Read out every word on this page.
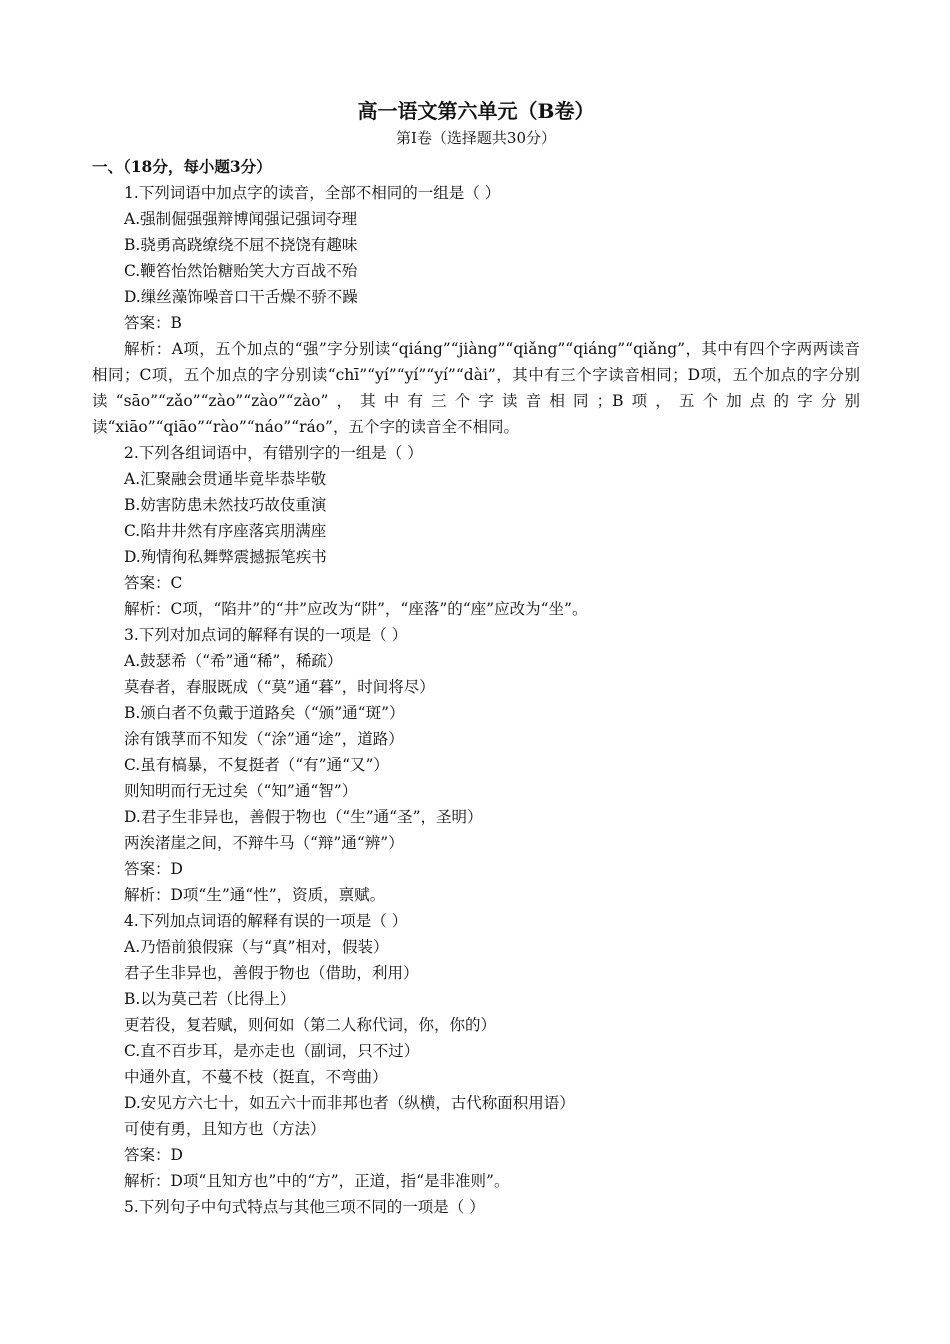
高一语文第六单元（B卷）
第Ⅰ卷（选择题共30分）
一、（18分，每小题3分）
1.下列词语中加点字的读音，全部不相同的一组是（ ）
A.强制倔强强辩博闻强记强词夺理
B.骁勇高跷缭绕不屈不挠饶有趣味
C.鞭笞怡然饴糖贻笑大方百战不殆
D.缫丝藻饰噪音口干舌燥不骄不躁
答案：B
解析：A项，五个加点的“强”字分别读“qiáng”“jiàng”“qiǎng”“qiáng”“qiǎng”，其中有四个字两两读音相同；C项，五个加点的字分别读“chī”“yí”“yí”“yí”“dài”，其中有三个字读音相同；D项，五个加点的字分别读“sāo”“zǎo”“zào”“zào”“zào”，其中有三个字读音相同；B项，五个加点的字分别读“xiāo”“qiāo”“rào”“náo”“ráo”，五个字的读音全不相同。
2.下列各组词语中，有错别字的一组是（ ）
A.汇聚融会贯通毕竟毕恭毕敬
B.妨害防患未然技巧故伎重演
C.陷井井然有序座落宾朋满座
D.殉情徇私舞弊震撼振笔疾书
答案：C
解析：C项，“陷井”的“井”应改为“阱”，“座落”的“座”应改为“坐”。
3.下列对加点词的解释有误的一项是（ ）
A.鼓瑟希（“希”通“稀”，稀疏）
莫春者，春服既成（“莫”通“暮”，时间将尽）
B.颁白者不负戴于道路矣（“颁”通“斑”）
涂有饿莩而不知发（“涂”通“途”，道路）
C.虽有槁暴，不复挺者（“有”通“又”）
则知明而行无过矣（“知”通“智”）
D.君子生非异也，善假于物也（“生”通“圣”，圣明）
两涘渚崖之间，不辩牛马（“辩”通“辨”）
答案：D
解析：D项“生”通“性”，资质，禀赋。
4.下列加点词语的解释有误的一项是（ ）
A.乃悟前狼假寐（与“真”相对，假装）
君子生非异也，善假于物也（借助，利用）
B.以为莫己若（比得上）
更若役，复若赋，则何如（第二人称代词，你，你的）
C.直不百步耳，是亦走也（副词，只不过）
中通外直，不蔓不枝（挺直，不弯曲）
D.安见方六七十，如五六十而非邦也者（纵横，古代称面积用语）
可使有勇，且知方也（方法）
答案：D
解析：D项“且知方也”中的“方”，正道，指“是非准则”。
5.下列句子中句式特点与其他三项不同的一项是（ ）
